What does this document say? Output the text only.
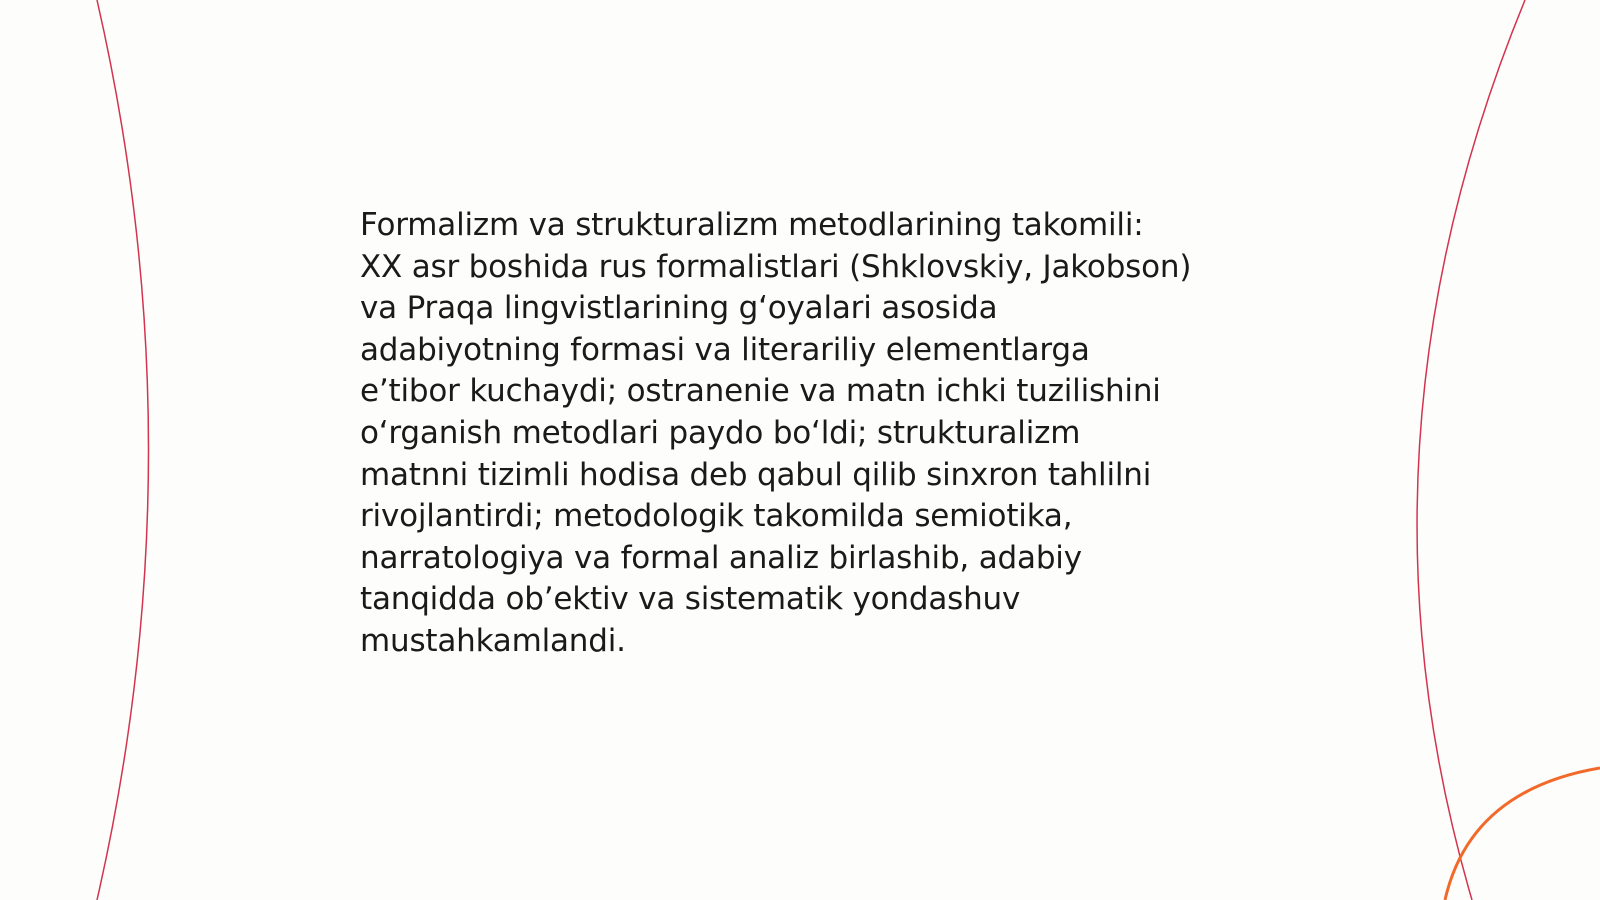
Formalizm va strukturalizm metodlarining takomili:
XX asr boshida rus formalistlari (Shklovskiy, Jakobson)
va Praqa lingvistlarining g‘oyalari asosida
adabiyotning formasi va literariliy elementlarga
e’tibor kuchaydi; ostranenie va matn ichki tuzilishini
o‘rganish metodlari paydo bo‘ldi; strukturalizm
matnni tizimli hodisa deb qabul qilib sinxron tahlilni
rivojlantirdi; metodologik takomilda semiotika,
narratologiya va formal analiz birlashib, adabiy
tanqidda ob’ektiv va sistematik yondashuv
mustahkamlandi.
